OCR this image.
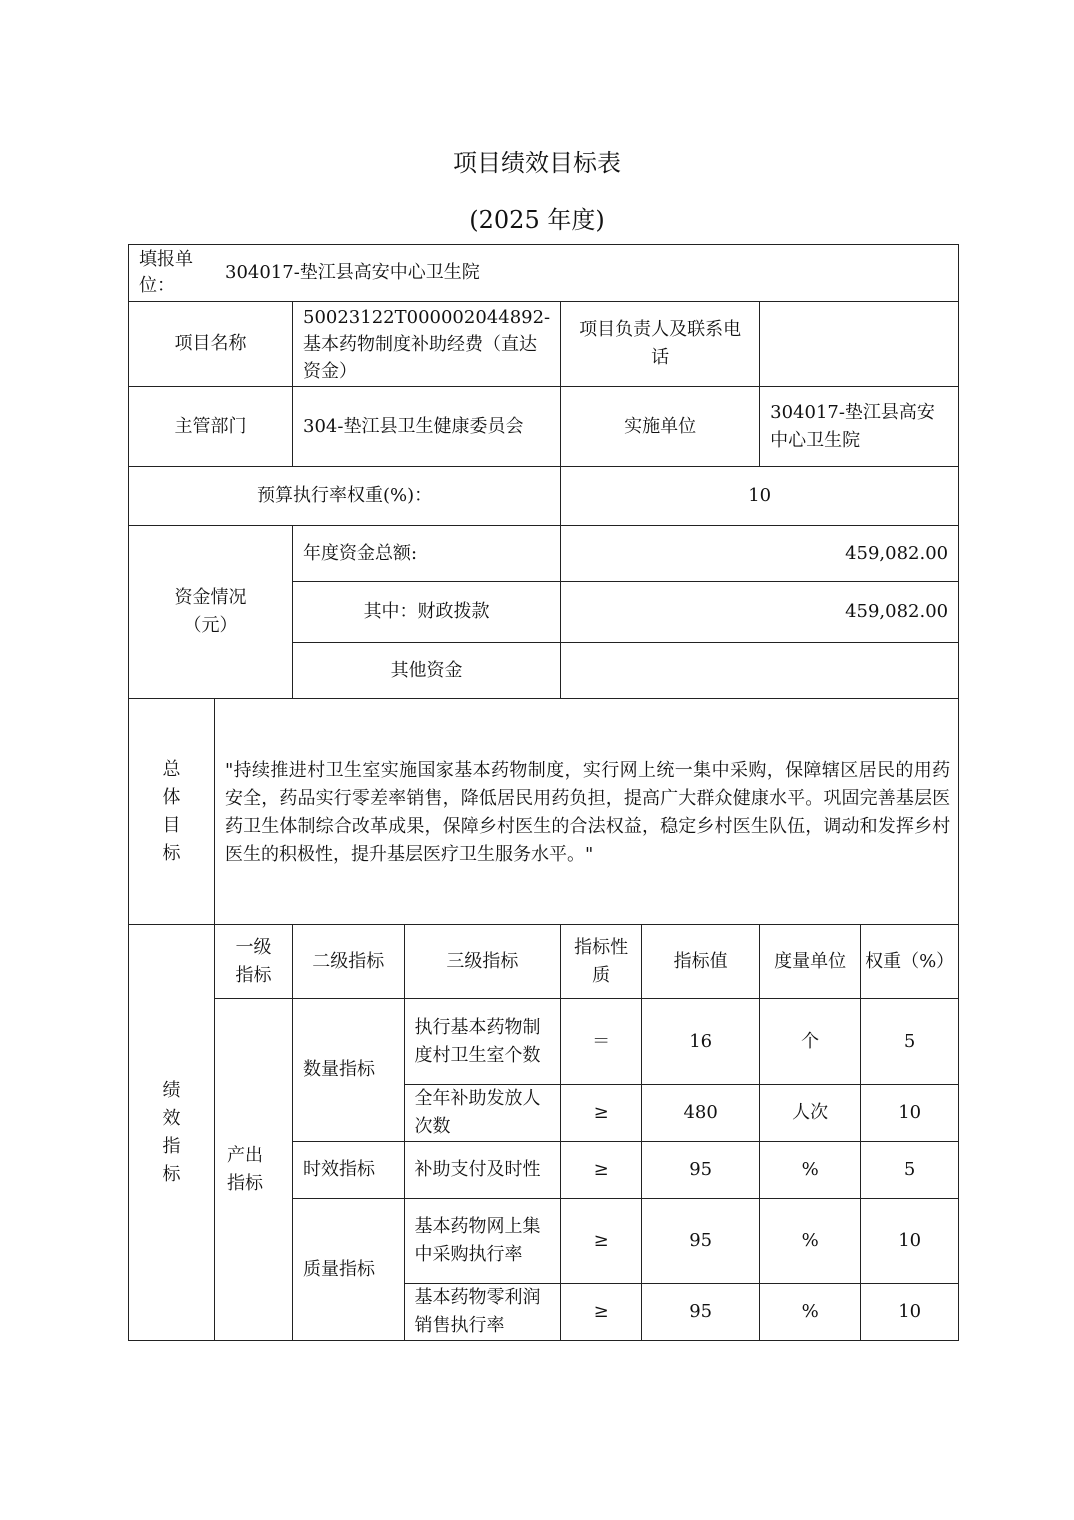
项目绩效目标表
(2025 年度)
填报单位：
304017-垫江县高安中心卫生院							

项目名称		50023122T000002044892-基本药物制度补助经费（直达资金）		项目负责人及联系电话			
主管部门		304-垫江县卫生健康委员会		实施单位		304017-垫江县高安中心卫生院	
预算执行率权重(%)：				10			
资金情况（元）		年度资金总额:		459,082.00			
		其中：财政拨款		459,082.00			
		其他资金					
总体目标	"持续推进村卫生室实施国家基本药物制度，实行网上统一集中采购，保障辖区居民的用药安全，药品实行零差率销售，降低居民用药负担，提高广大群众健康水平。巩固完善基层医药卫生体制综合改革成果，保障乡村医生的合法权益，稳定乡村医生队伍，调动和发挥乡村医生的积极性，提升基层医疗卫生服务水平。"						
绩效指标	一级指标	二级指标	三级指标	指标性质	指标值	度量单位	权重（%）
	产出指标	数量指标	执行基本药物制度村卫生室个数	＝	16	个	5
			全年补助发放人次数	≥	480	人次	10
		时效指标	补助支付及时性	≥	95	%	5
		质量指标	基本药物网上集中采购执行率	≥	95	%	10
			基本药物零利润销售执行率	≥	95	%	10
